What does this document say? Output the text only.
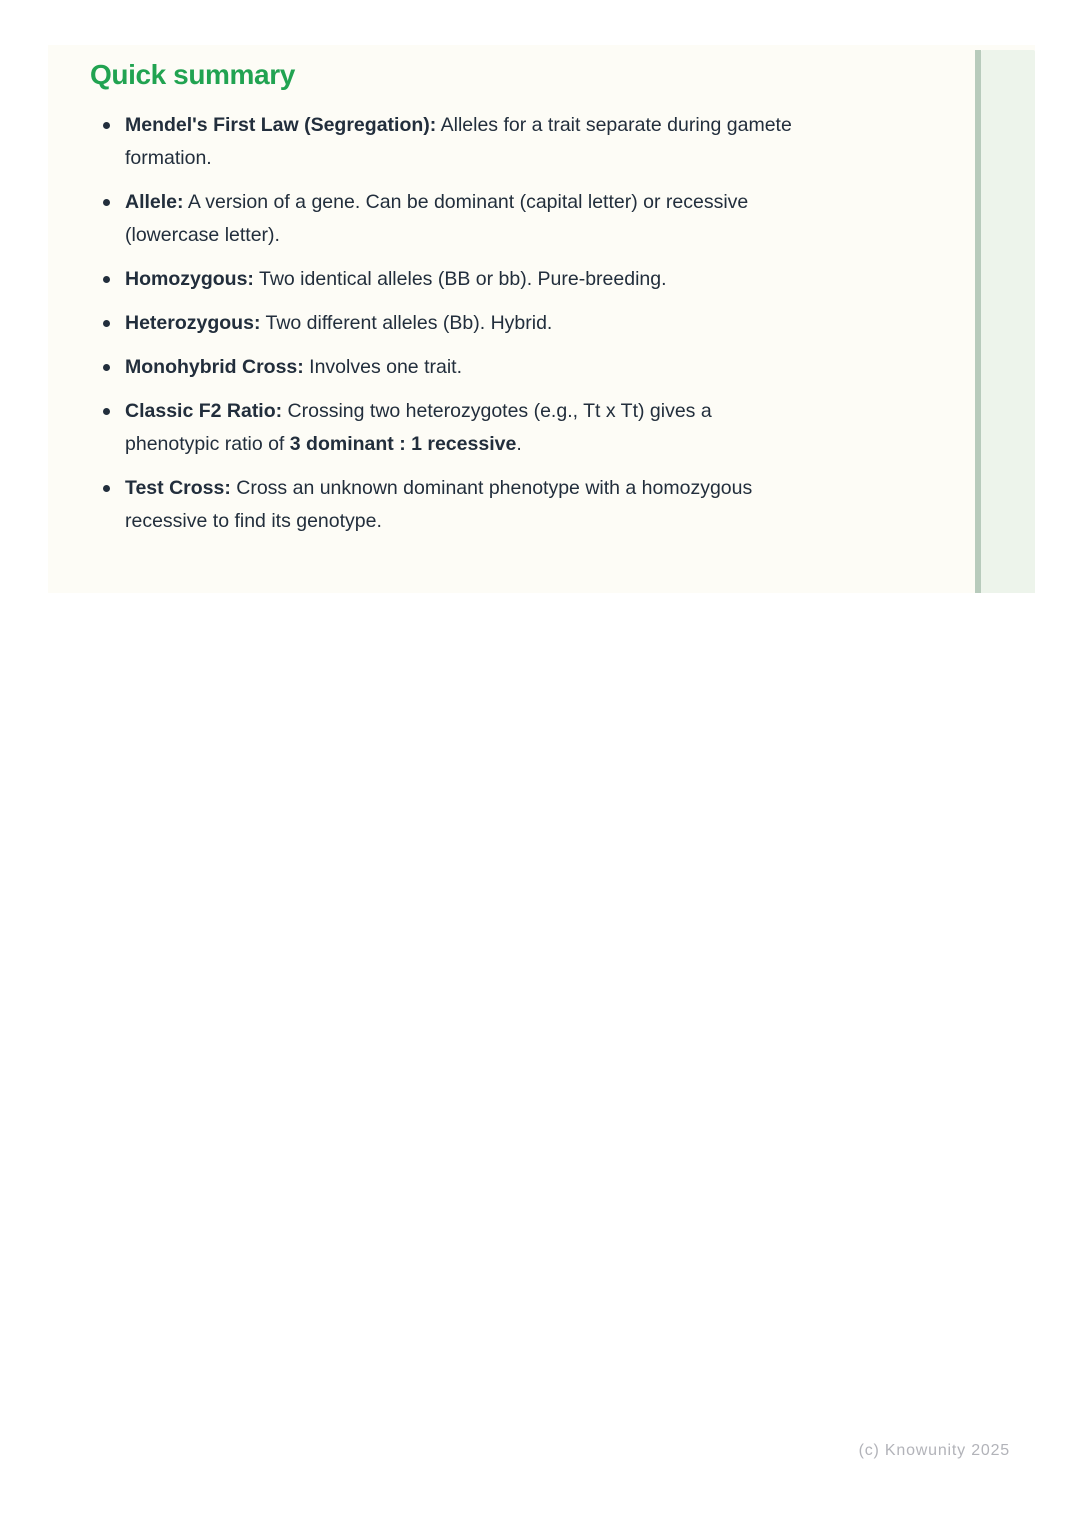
Quick summary
Mendel's First Law (Segregation): Alleles for a trait separate during gamete formation.
Allele: A version of a gene. Can be dominant (capital letter) or recessive (lowercase letter).
Homozygous: Two identical alleles (BB or bb). Pure-breeding.
Heterozygous: Two different alleles (Bb). Hybrid.
Monohybrid Cross: Involves one trait.
Classic F2 Ratio: Crossing two heterozygotes (e.g., Tt x Tt) gives a phenotypic ratio of 3 dominant : 1 recessive.
Test Cross: Cross an unknown dominant phenotype with a homozygous recessive to find its genotype.
(c) Knowunity 2025
